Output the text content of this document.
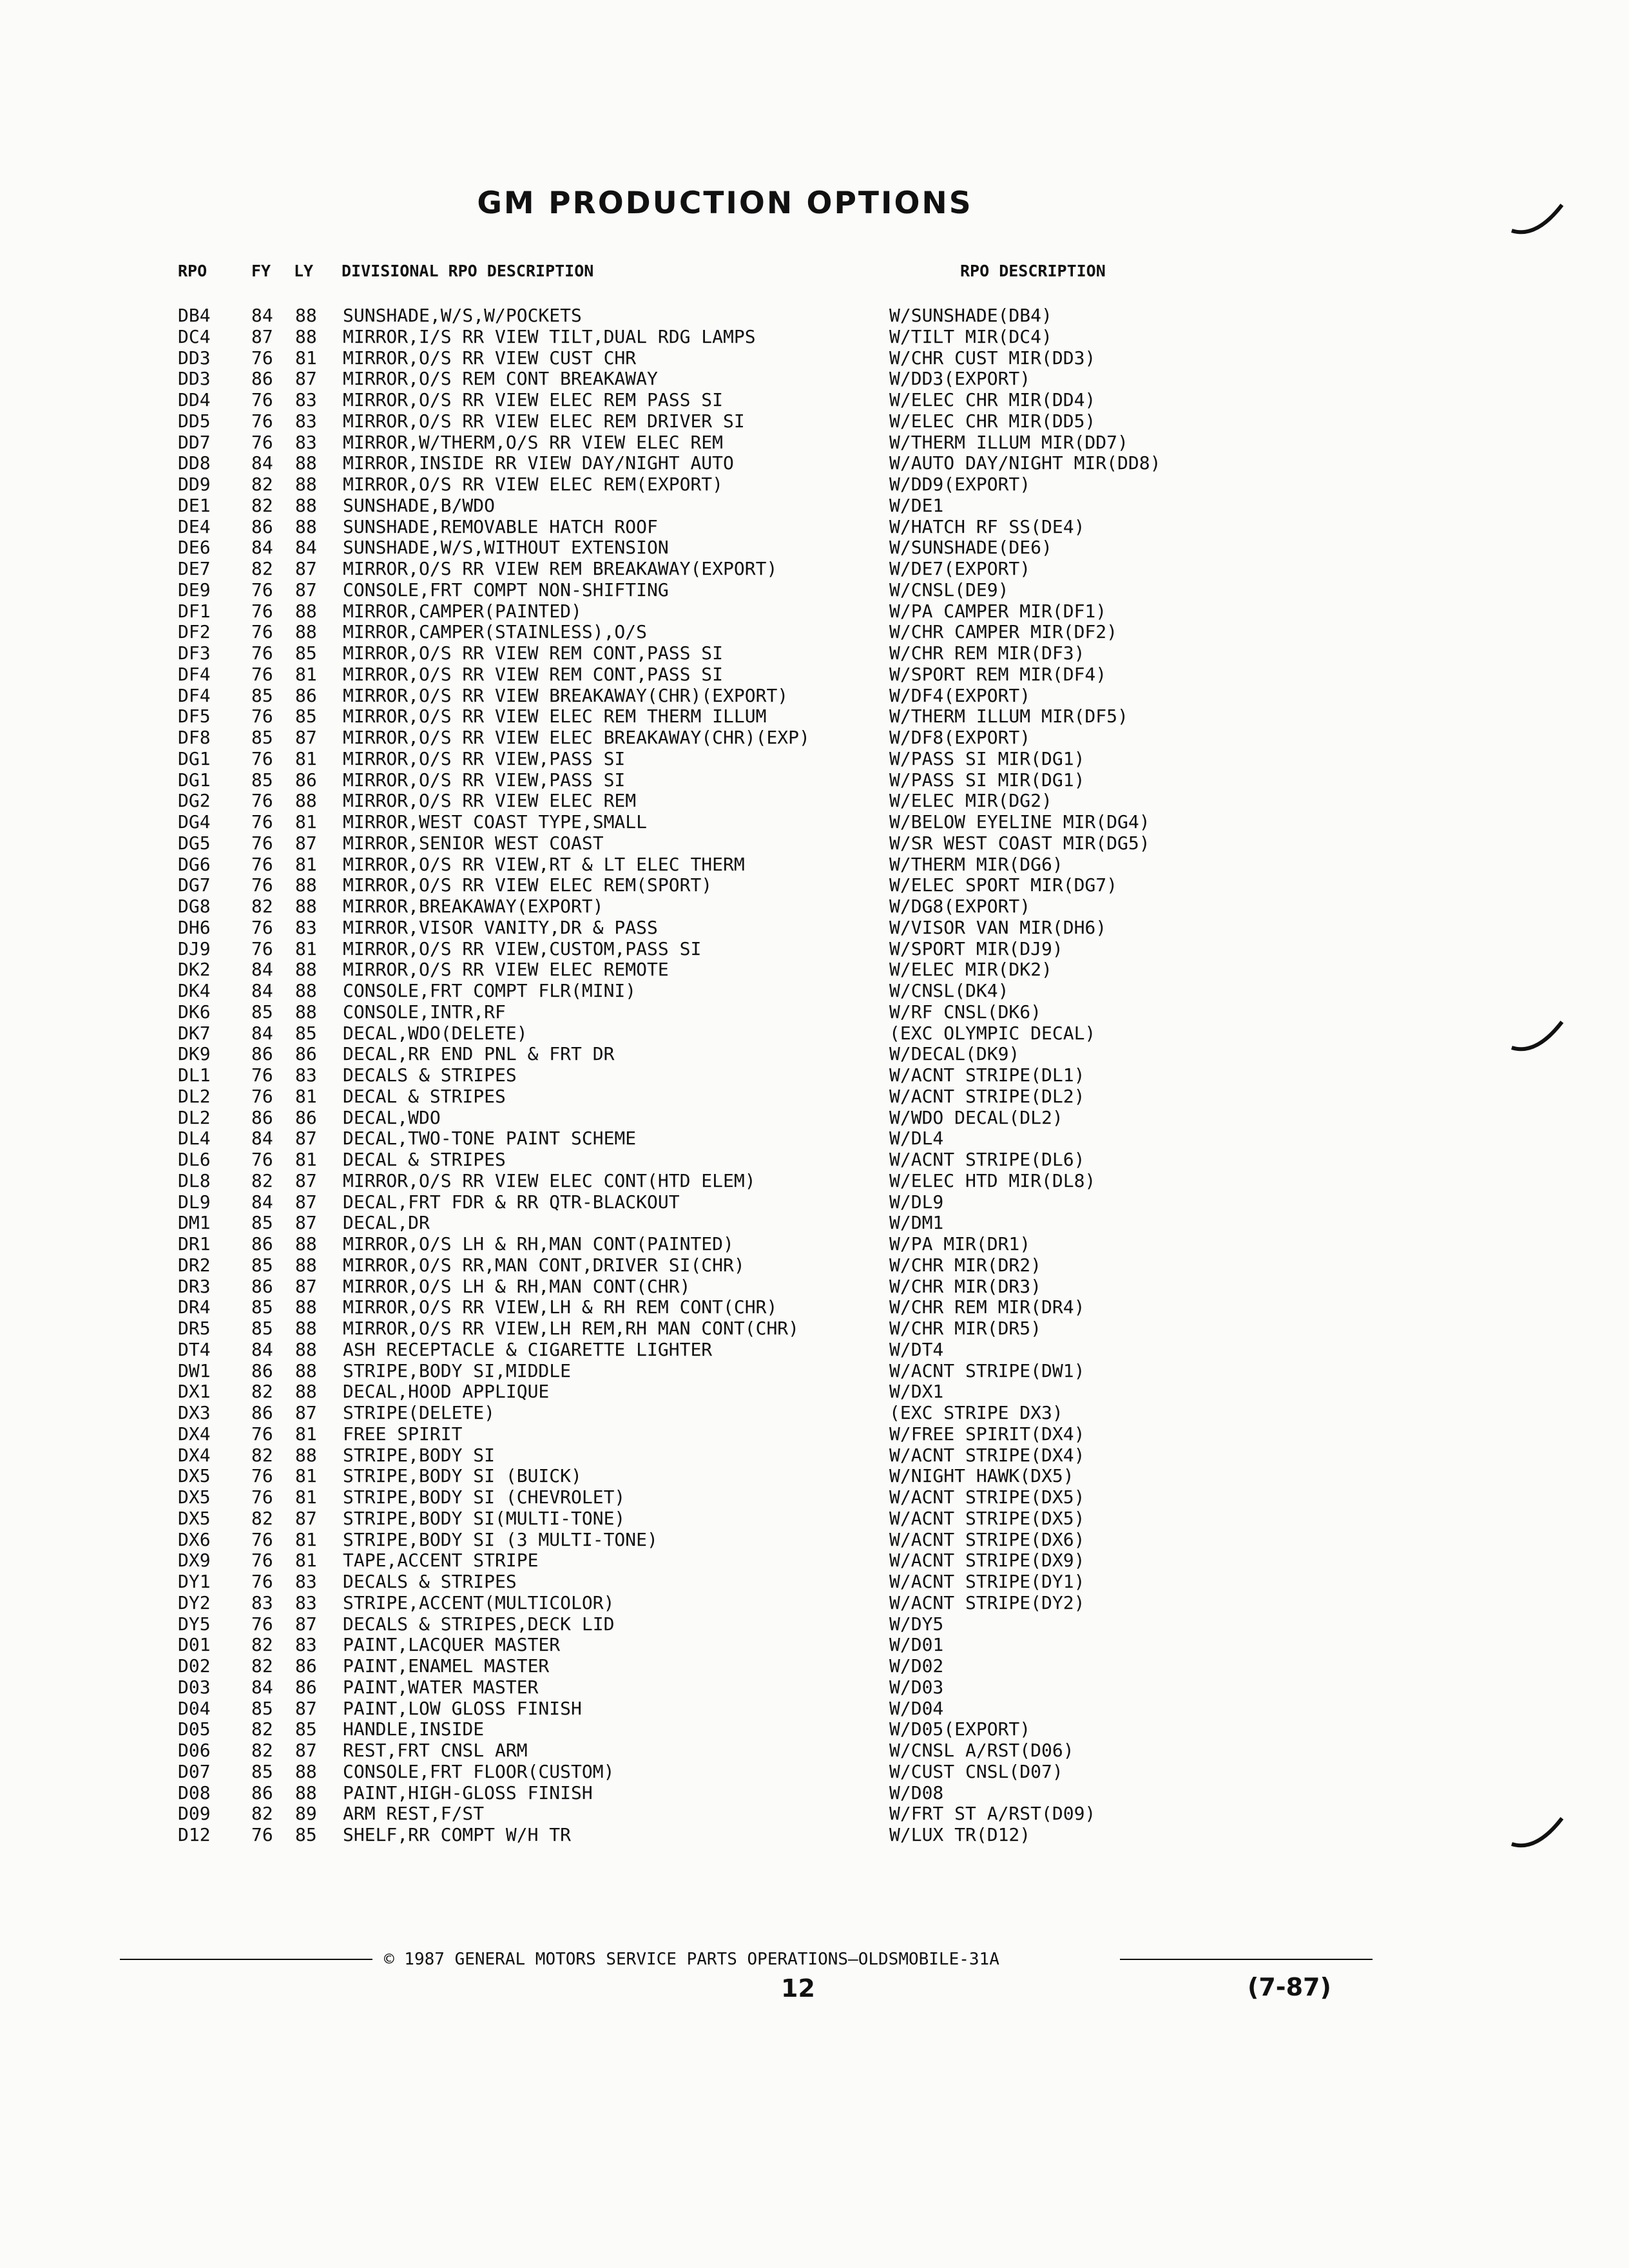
GM PRODUCTION OPTIONS
RPO	FY LY DIVISIONAL RPO DESCRIPTION	RPO DESCRIPTION
DB4 84 88 SUNSHADE,W/S,W/POCKETS	W/SUNSHADE(DB4)
DC4 87 88 MIRROR,I/S RR VIEW TILT,DUAL RDG LAMPS	W/TILT MIR(DC4)
DD3 76 81 MIRROR,O/S RR VIEW CUST CHR	W/CHR CUST MIR(DD3)
DD3 86 87 MIRROR,O/S REM CONT BREAKAWAY	W/DD3(EXPORT)
DD4 76 83 MIRROR,O/S RR VIEW ELEC REM PASS SI	W/ELEC CHR MIR(DD4)
DD5 76 83 MIRROR,O/S RR VIEW ELEC REM DRIVER SI	W/ELEC CHR MIR(DD5)
DD7 76 83 MIRROR,W/THERM,O/S RR VIEW ELEC REM	W/THERM ILLUM MIR(DD7)
DD8 84 88 MIRROR,INSIDE RR VIEW DAY/NIGHT AUTO	W/AUTO DAY/NIGHT MIR(DD8)
DD9 82 88 MIRROR,O/S RR VIEW ELEC REM(EXPORT)	W/DD9(EXPORT)
DE1 82 88 SUNSHADE,B/WDO	W/DE1
DE4 86 88 SUNSHADE,REMOVABLE HATCH ROOF	W/HATCH RF SS(DE4)
DE6 84 84 SUNSHADE,W/S,WITHOUT EXTENSION	W/SUNSHADE(DE6)
DE7 82 87 MIRROR,O/S RR VIEW REM BREAKAWAY(EXPORT)	W/DE7(EXPORT)
DE9 76 87 CONSOLE,FRT COMPT NON-SHIFTING	W/CNSL(DE9)
DF1 76 88 MIRROR,CAMPER(PAINTED)	W/PA CAMPER MIR(DF1)
DF2 76 88 MIRROR,CAMPER(STAINLESS),O/S	W/CHR CAMPER MIR(DF2)
DF3 76 85 MIRROR,O/S RR VIEW REM CONT,PASS SI	W/CHR REM MIR(DF3)
DF4 76 81 MIRROR,O/S RR VIEW REM CONT,PASS SI	W/SPORT REM MIR(DF4)
DF4 85 86 MIRROR,O/S RR VIEW BREAKAWAY(CHR)(EXPORT)	W/DF4(EXPORT)
DF5 76 85 MIRROR,O/S RR VIEW ELEC REM THERM ILLUM	W/THERM ILLUM MIR(DF5)
DF8 85 87 MIRROR,O/S RR VIEW ELEC BREAKAWAY(CHR)(EXP)	W/DF8(EXPORT)
DG1 76 81 MIRROR,O/S RR VIEW,PASS SI	W/PASS SI MIR(DG1)
DG1 85 86 MIRROR,O/S RR VIEW,PASS SI	W/PASS SI MIR(DG1)
DG2 76 88 MIRROR,O/S RR VIEW ELEC REM	W/ELEC MIR(DG2)
DG4 76 81 MIRROR,WEST COAST TYPE,SMALL	W/BELOW EYELINE MIR(DG4)
DG5 76 87 MIRROR,SENIOR WEST COAST	W/SR WEST COAST MIR(DG5)
DG6 76 81 MIRROR,O/S RR VIEW,RT & LT ELEC THERM	W/THERM MIR(DG6)
DG7 76 88 MIRROR,O/S RR VIEW ELEC REM(SPORT)	W/ELEC SPORT MIR(DG7)
DG8 82 88 MIRROR,BREAKAWAY(EXPORT)	W/DG8(EXPORT)
DH6 76 83 MIRROR,VISOR VANITY,DR & PASS	W/VISOR VAN MIR(DH6)
DJ9 76 81 MIRROR,O/S RR VIEW,CUSTOM,PASS SI	W/SPORT MIR(DJ9)
DK2 84 88 MIRROR,O/S RR VIEW ELEC REMOTE	W/ELEC MIR(DK2)
DK4 84 88 CONSOLE,FRT COMPT FLR(MINI)	W/CNSL(DK4)
DK6 85 88 CONSOLE,INTR,RF	W/RF CNSL(DK6)
DK7 84 85 DECAL,WDO(DELETE)	(EXC OLYMPIC DECAL)
DK9 86 86 DECAL,RR END PNL & FRT DR	W/DECAL(DK9)
DL1 76 83 DECALS & STRIPES	W/ACNT STRIPE(DL1)
DL2 76 81 DECAL & STRIPES	W/ACNT STRIPE(DL2)
DL2 86 86 DECAL,WDO	W/WDO DECAL(DL2)
DL4 84 87 DECAL,TWO-TONE PAINT SCHEME	W/DL4
DL6 76 81 DECAL & STRIPES	W/ACNT STRIPE(DL6)
DL8 82 87 MIRROR,O/S RR VIEW ELEC CONT(HTD ELEM)	W/ELEC HTD MIR(DL8)
DL9 84 87 DECAL,FRT FDR & RR QTR-BLACKOUT	W/DL9
DM1 85 87 DECAL,DR	W/DM1
DR1 86 88 MIRROR,O/S LH & RH,MAN CONT(PAINTED)	W/PA MIR(DR1)
DR2 85 88 MIRROR,O/S RR,MAN CONT,DRIVER SI(CHR)	W/CHR MIR(DR2)
DR3 86 87 MIRROR,O/S LH & RH,MAN CONT(CHR)	W/CHR MIR(DR3)
DR4 85 88 MIRROR,O/S RR VIEW,LH & RH REM CONT(CHR)	W/CHR REM MIR(DR4)
DR5 85 88 MIRROR,O/S RR VIEW,LH REM,RH MAN CONT(CHR)	W/CHR MIR(DR5)
DT4 84 88 ASH RECEPTACLE & CIGARETTE LIGHTER	W/DT4
DW1 86 88 STRIPE,BODY SI,MIDDLE	W/ACNT STRIPE(DW1)
DX1 82 88 DECAL,HOOD APPLIQUE	W/DX1
DX3 86 87 STRIPE(DELETE)	(EXC STRIPE DX3)
DX4 76 81 FREE SPIRIT	W/FREE SPIRIT(DX4)
DX4 82 88 STRIPE,BODY SI	W/ACNT STRIPE(DX4)
DX5 76 81 STRIPE,BODY SI (BUICK)	W/NIGHT HAWK(DX5)
DX5 76 81 STRIPE,BODY SI (CHEVROLET)	W/ACNT STRIPE(DX5)
DX5 82 87 STRIPE,BODY SI(MULTI-TONE)	W/ACNT STRIPE(DX5)
DX6 76 81 STRIPE,BODY SI (3 MULTI-TONE)	W/ACNT STRIPE(DX6)
DX9 76 81 TAPE,ACCENT STRIPE	W/ACNT STRIPE(DX9)
DY1 76 83 DECALS & STRIPES	W/ACNT STRIPE(DY1)
DY2 83 83 STRIPE,ACCENT(MULTICOLOR)	W/ACNT STRIPE(DY2)
DY5 76 87 DECALS & STRIPES,DECK LID	W/DY5
D01 82 83 PAINT,LACQUER MASTER	W/D01
D02 82 86 PAINT,ENAMEL MASTER	W/D02
D03 84 86 PAINT,WATER MASTER	W/D03
D04 85 87 PAINT,LOW GLOSS FINISH	W/D04
D05 82 85 HANDLE,INSIDE	W/D05(EXPORT)
D06 82 87 REST,FRT CNSL ARM	W/CNSL A/RST(D06)
D07 85 88 CONSOLE,FRT FLOOR(CUSTOM)	W/CUST CNSL(D07)
D08 86 88 PAINT,HIGH-GLOSS FINISH	W/D08
D09 82 89 ARM REST,F/ST	W/FRT ST A/RST(D09)
D12 76 85 SHELF,RR COMPT W/H TR	W/LUX TR(D12)
© 1987 GENERAL MOTORS SERVICE PARTS OPERATIONS—OLDSMOBILE-31A
12	(7-87)
